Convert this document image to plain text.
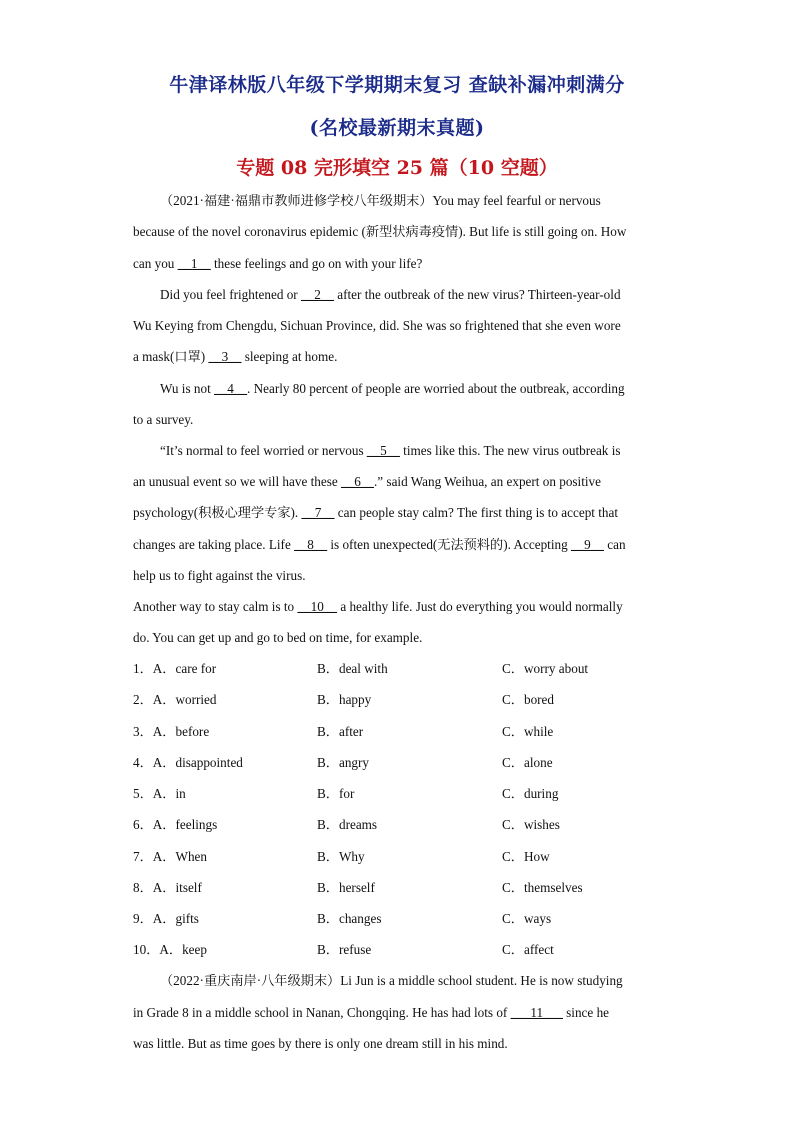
牛津译林版八年级下学期期末复习 查缺补漏冲刺满分
(名校最新期末真题)
专题 08 完形填空 25 篇（10 空题）
（2021·福建·福鼎市教师进修学校八年级期末）You may feel fearful or nervous
because of the novel coronavirus epidemic (新型状病毒疫情). But life is still going on. How
can you __1__ these feelings and go on with your life?
Did you feel frightened or __2__ after the outbreak of the new virus? Thirteen-year-old
Wu Keying from Chengdu, Sichuan Province, did. She was so frightened that she even wore
a mask(口罩) __3__ sleeping at home.
Wu is not __4__. Nearly 80 percent of people are worried about the outbreak, according
to a survey.
“It’s normal to feel worried or nervous __5__ times like this. The new virus outbreak is
an unusual event so we will have these __6__.” said Wang Weihua, an expert on positive
psychology(积极心理学专家). __7__ can people stay calm? The first thing is to accept that
changes are taking place. Life __8__ is often unexpected(无法预料的). Accepting __9__ can
help us to fight against the virus.
Another way to stay calm is to __10__ a healthy life. Just do everything you would normally
do. You can get up and go to bed on time, for example.
1．A．care for	B．deal with	C．worry about
2．A．worried	B．happy	C．bored
3．A．before	B．after	C．while
4．A．disappointed	B．angry	C．alone
5．A．in	B．for	C．during
6．A．feelings	B．dreams	C．wishes
7．A．When	B．Why	C．How
8．A．itself	B．herself	C．themselves
9．A．gifts	B．changes	C．ways
10．A．keep	B．refuse	C．affect
（2022·重庆南岸·八年级期末）Li Jun is a middle school student. He is now studying
in Grade 8 in a middle school in Nanan, Chongqing. He has had lots of ___11___ since he
was little. But as time goes by there is only one dream still in his mind.
